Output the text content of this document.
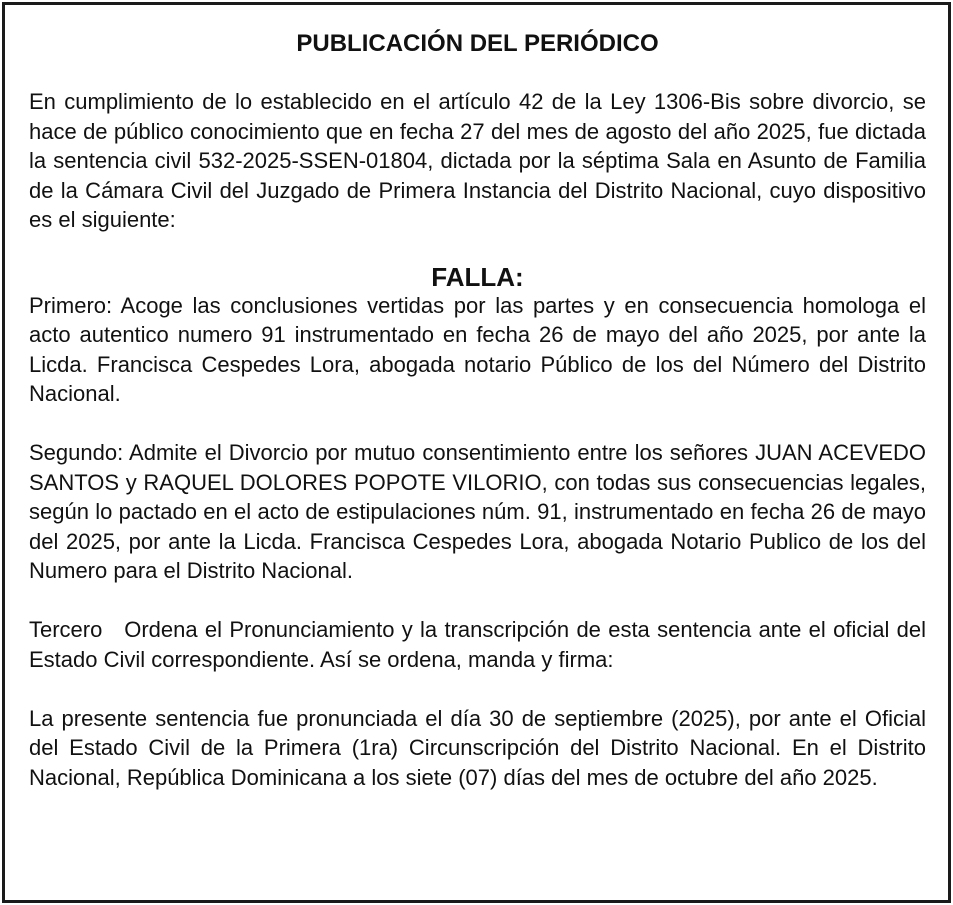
PUBLICACIÓN DEL PERIÓDICO

En cumplimiento de lo establecido en el artículo 42 de la Ley 1306-Bis sobre divorcio, se hace de público conocimiento que en fecha 27 del mes de agosto del año 2025, fue dictada la sentencia civil 532-2025-SSEN-01804, dictada por la séptima Sala en Asunto de Familia de la Cámara Civil del Juzgado de Primera Instancia del Distrito Nacional, cuyo dispositivo es el siguiente:

FALLA:

Primero: Acoge las conclusiones vertidas por las partes y en consecuencia homologa el acto autentico numero 91 instrumentado en fecha 26 de mayo del año 2025, por ante la Licda. Francisca Cespedes Lora, abogada notario Público de los del Número del Distrito Nacional.

Segundo: Admite el Divorcio por mutuo consentimiento entre los señores JUAN ACEVEDO SANTOS y RAQUEL DOLORES POPOTE VILORIO, con todas sus consecuencias legales, según lo pactado en el acto de estipulaciones núm. 91, instrumentado en fecha 26 de mayo del 2025, por ante la Licda. Francisca Cespedes Lora, abogada Notario Publico de los del Numero para el Distrito Nacional.

Tercero   Ordena el Pronunciamiento y la transcripción de esta sentencia ante el oficial del Estado Civil correspondiente. Así se ordena, manda y firma:

La presente sentencia fue pronunciada el día 30 de septiembre (2025), por ante el Oficial del Estado Civil de la Primera (1ra) Circunscripción del Distrito Nacional. En el Distrito Nacional, República Dominicana a los siete (07) días del mes de octubre del año 2025.
